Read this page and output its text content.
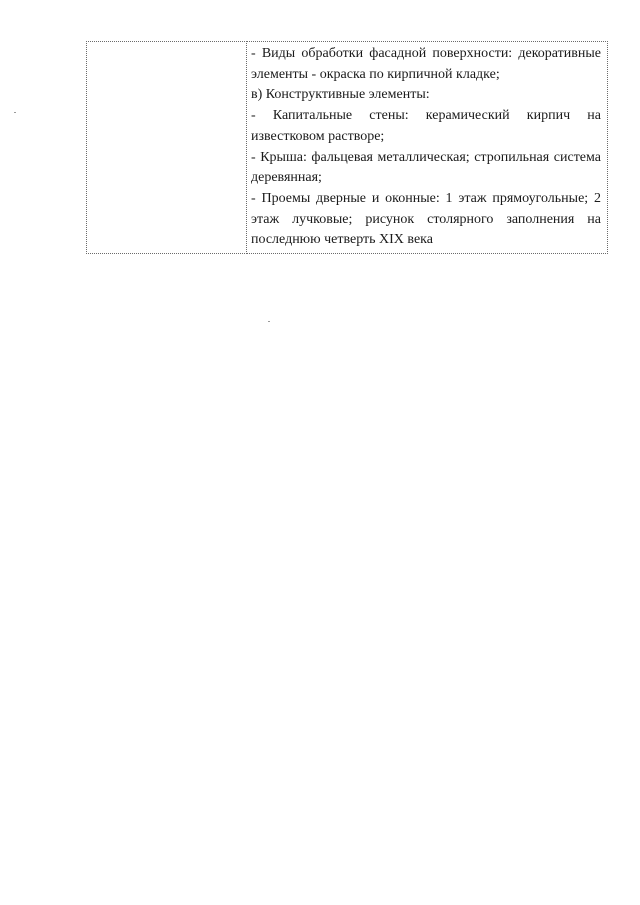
- Виды обработки фасадной поверхности: декоративные элементы - окраска по кирпичной кладке;

в) Конструктивные элементы:

- Капитальные стены: керамический кирпич на известковом растворе;

- Крыша: фальцевая металлическая; стропильная система деревянная;

- Проемы дверные и оконные: 1 этаж прямоугольные; 2 этаж лучковые; рисунок столярного заполнения на последнюю четверть XIX века
